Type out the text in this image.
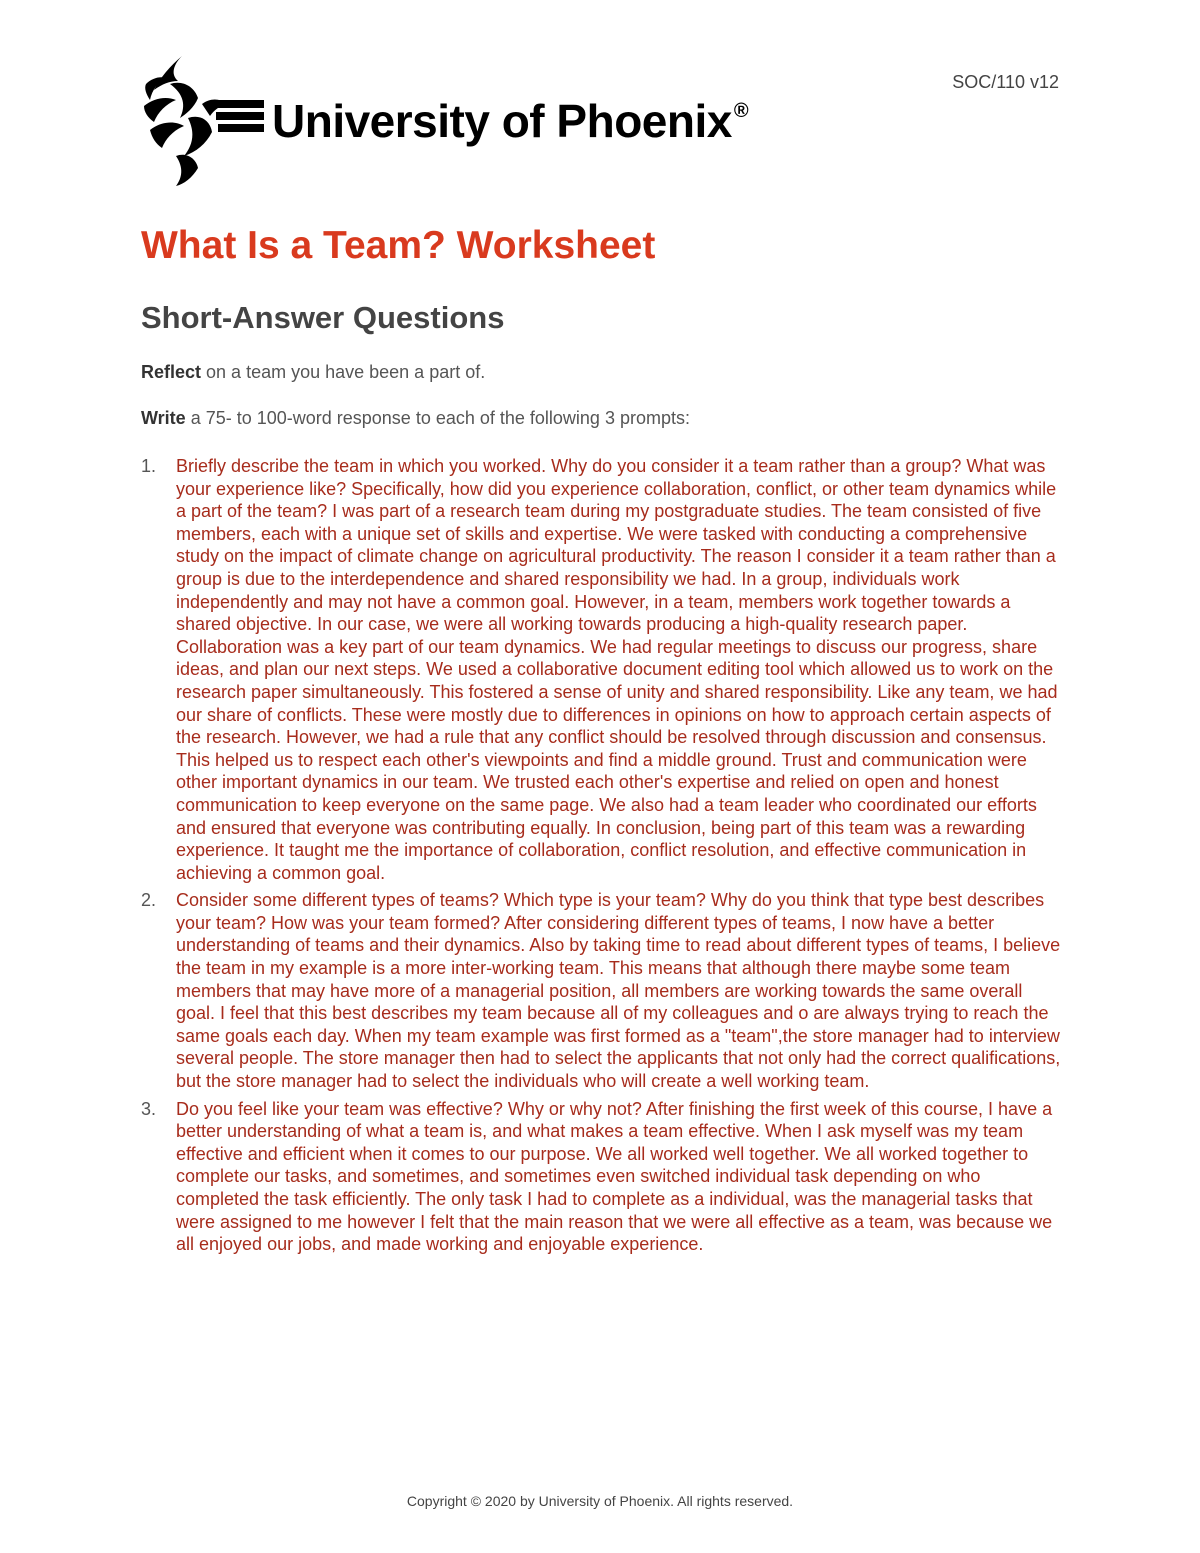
SOC/110 v12
University of Phoenix ®
What Is a Team? Worksheet
Short-Answer Questions

Reflect on a team you have been a part of.

Write a 75- to 100-word response to each of the following 3 prompts:

1. Briefly describe the team in which you worked. Why do you consider it a team rather than a group? What was your experience like? Specifically, how did you experience collaboration, conflict, or other team dynamics while a part of the team? I was part of a research team during my postgraduate studies. The team consisted of five members, each with a unique set of skills and expertise. We were tasked with conducting a comprehensive study on the impact of climate change on agricultural productivity. The reason I consider it a team rather than a group is due to the interdependence and shared responsibility we had. In a group, individuals work independently and may not have a common goal. However, in a team, members work together towards a shared objective. In our case, we were all working towards producing a high-quality research paper. Collaboration was a key part of our team dynamics. We had regular meetings to discuss our progress, share ideas, and plan our next steps. We used a collaborative document editing tool which allowed us to work on the research paper simultaneously. This fostered a sense of unity and shared responsibility. Like any team, we had our share of conflicts. These were mostly due to differences in opinions on how to approach certain aspects of the research. However, we had a rule that any conflict should be resolved through discussion and consensus. This helped us to respect each other's viewpoints and find a middle ground. Trust and communication were other important dynamics in our team. We trusted each other's expertise and relied on open and honest communication to keep everyone on the same page. We also had a team leader who coordinated our efforts and ensured that everyone was contributing equally. In conclusion, being part of this team was a rewarding experience. It taught me the importance of collaboration, conflict resolution, and effective communication in achieving a common goal.
2. Consider some different types of teams? Which type is your team? Why do you think that type best describes your team? How was your team formed? After considering different types of teams, I now have a better understanding of teams and their dynamics. Also by taking time to read about different types of teams, I believe the team in my example is a more inter-working team. This means that although there maybe some team members that may have more of a managerial position, all members are working towards the same overall goal. I feel that this best describes my team because all of my colleagues and o are always trying to reach the same goals each day. When my team example was first formed as a "team",the store manager had to interview several people. The store manager then had to select the applicants that not only had the correct qualifications, but the store manager had to select the individuals who will create a well working team.
3. Do you feel like your team was effective? Why or why not? After finishing the first week of this course, I have a better understanding of what a team is, and what makes a team effective. When I ask myself was my team effective and efficient when it comes to our purpose. We all worked well together. We all worked together to complete our tasks, and sometimes, and sometimes even switched individual task depending on who completed the task efficiently. The only task I had to complete as a individual, was the managerial tasks that were assigned to me however I felt that the main reason that we were all effective as a team, was because we all enjoyed our jobs, and made working and enjoyable experience.
Copyright © 2020 by University of Phoenix. All rights reserved.
